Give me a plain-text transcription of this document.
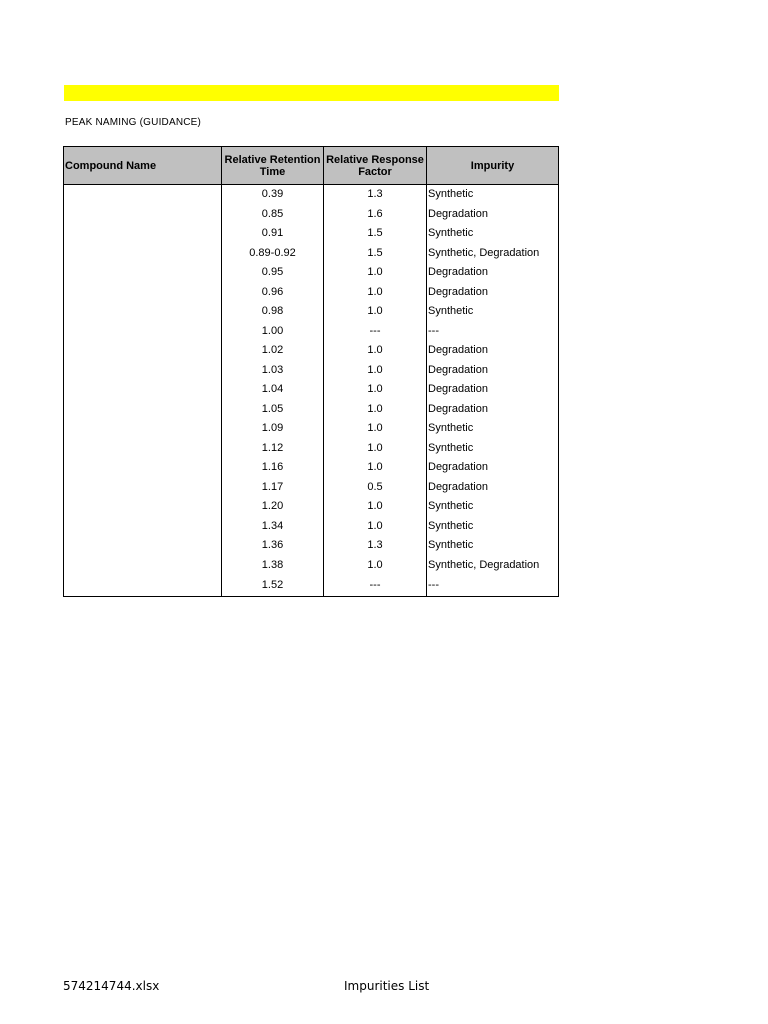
PEAK NAMING (GUIDANCE)
Compound Name	Relative Retention Time	Relative Response Factor	Impurity
	0.39	1.3	Synthetic
	0.85	1.6	Degradation
	0.91	1.5	Synthetic
	0.89-0.92	1.5	Synthetic, Degradation
	0.95	1.0	Degradation
	0.96	1.0	Degradation
	0.98	1.0	Synthetic
	1.00	---	---
	1.02	1.0	Degradation
	1.03	1.0	Degradation
	1.04	1.0	Degradation
	1.05	1.0	Degradation
	1.09	1.0	Synthetic
	1.12	1.0	Synthetic
	1.16	1.0	Degradation
	1.17	0.5	Degradation
	1.20	1.0	Synthetic
	1.34	1.0	Synthetic
	1.36	1.3	Synthetic
	1.38	1.0	Synthetic, Degradation
	1.52	---	---
574214744.xlsx	Impurities List
